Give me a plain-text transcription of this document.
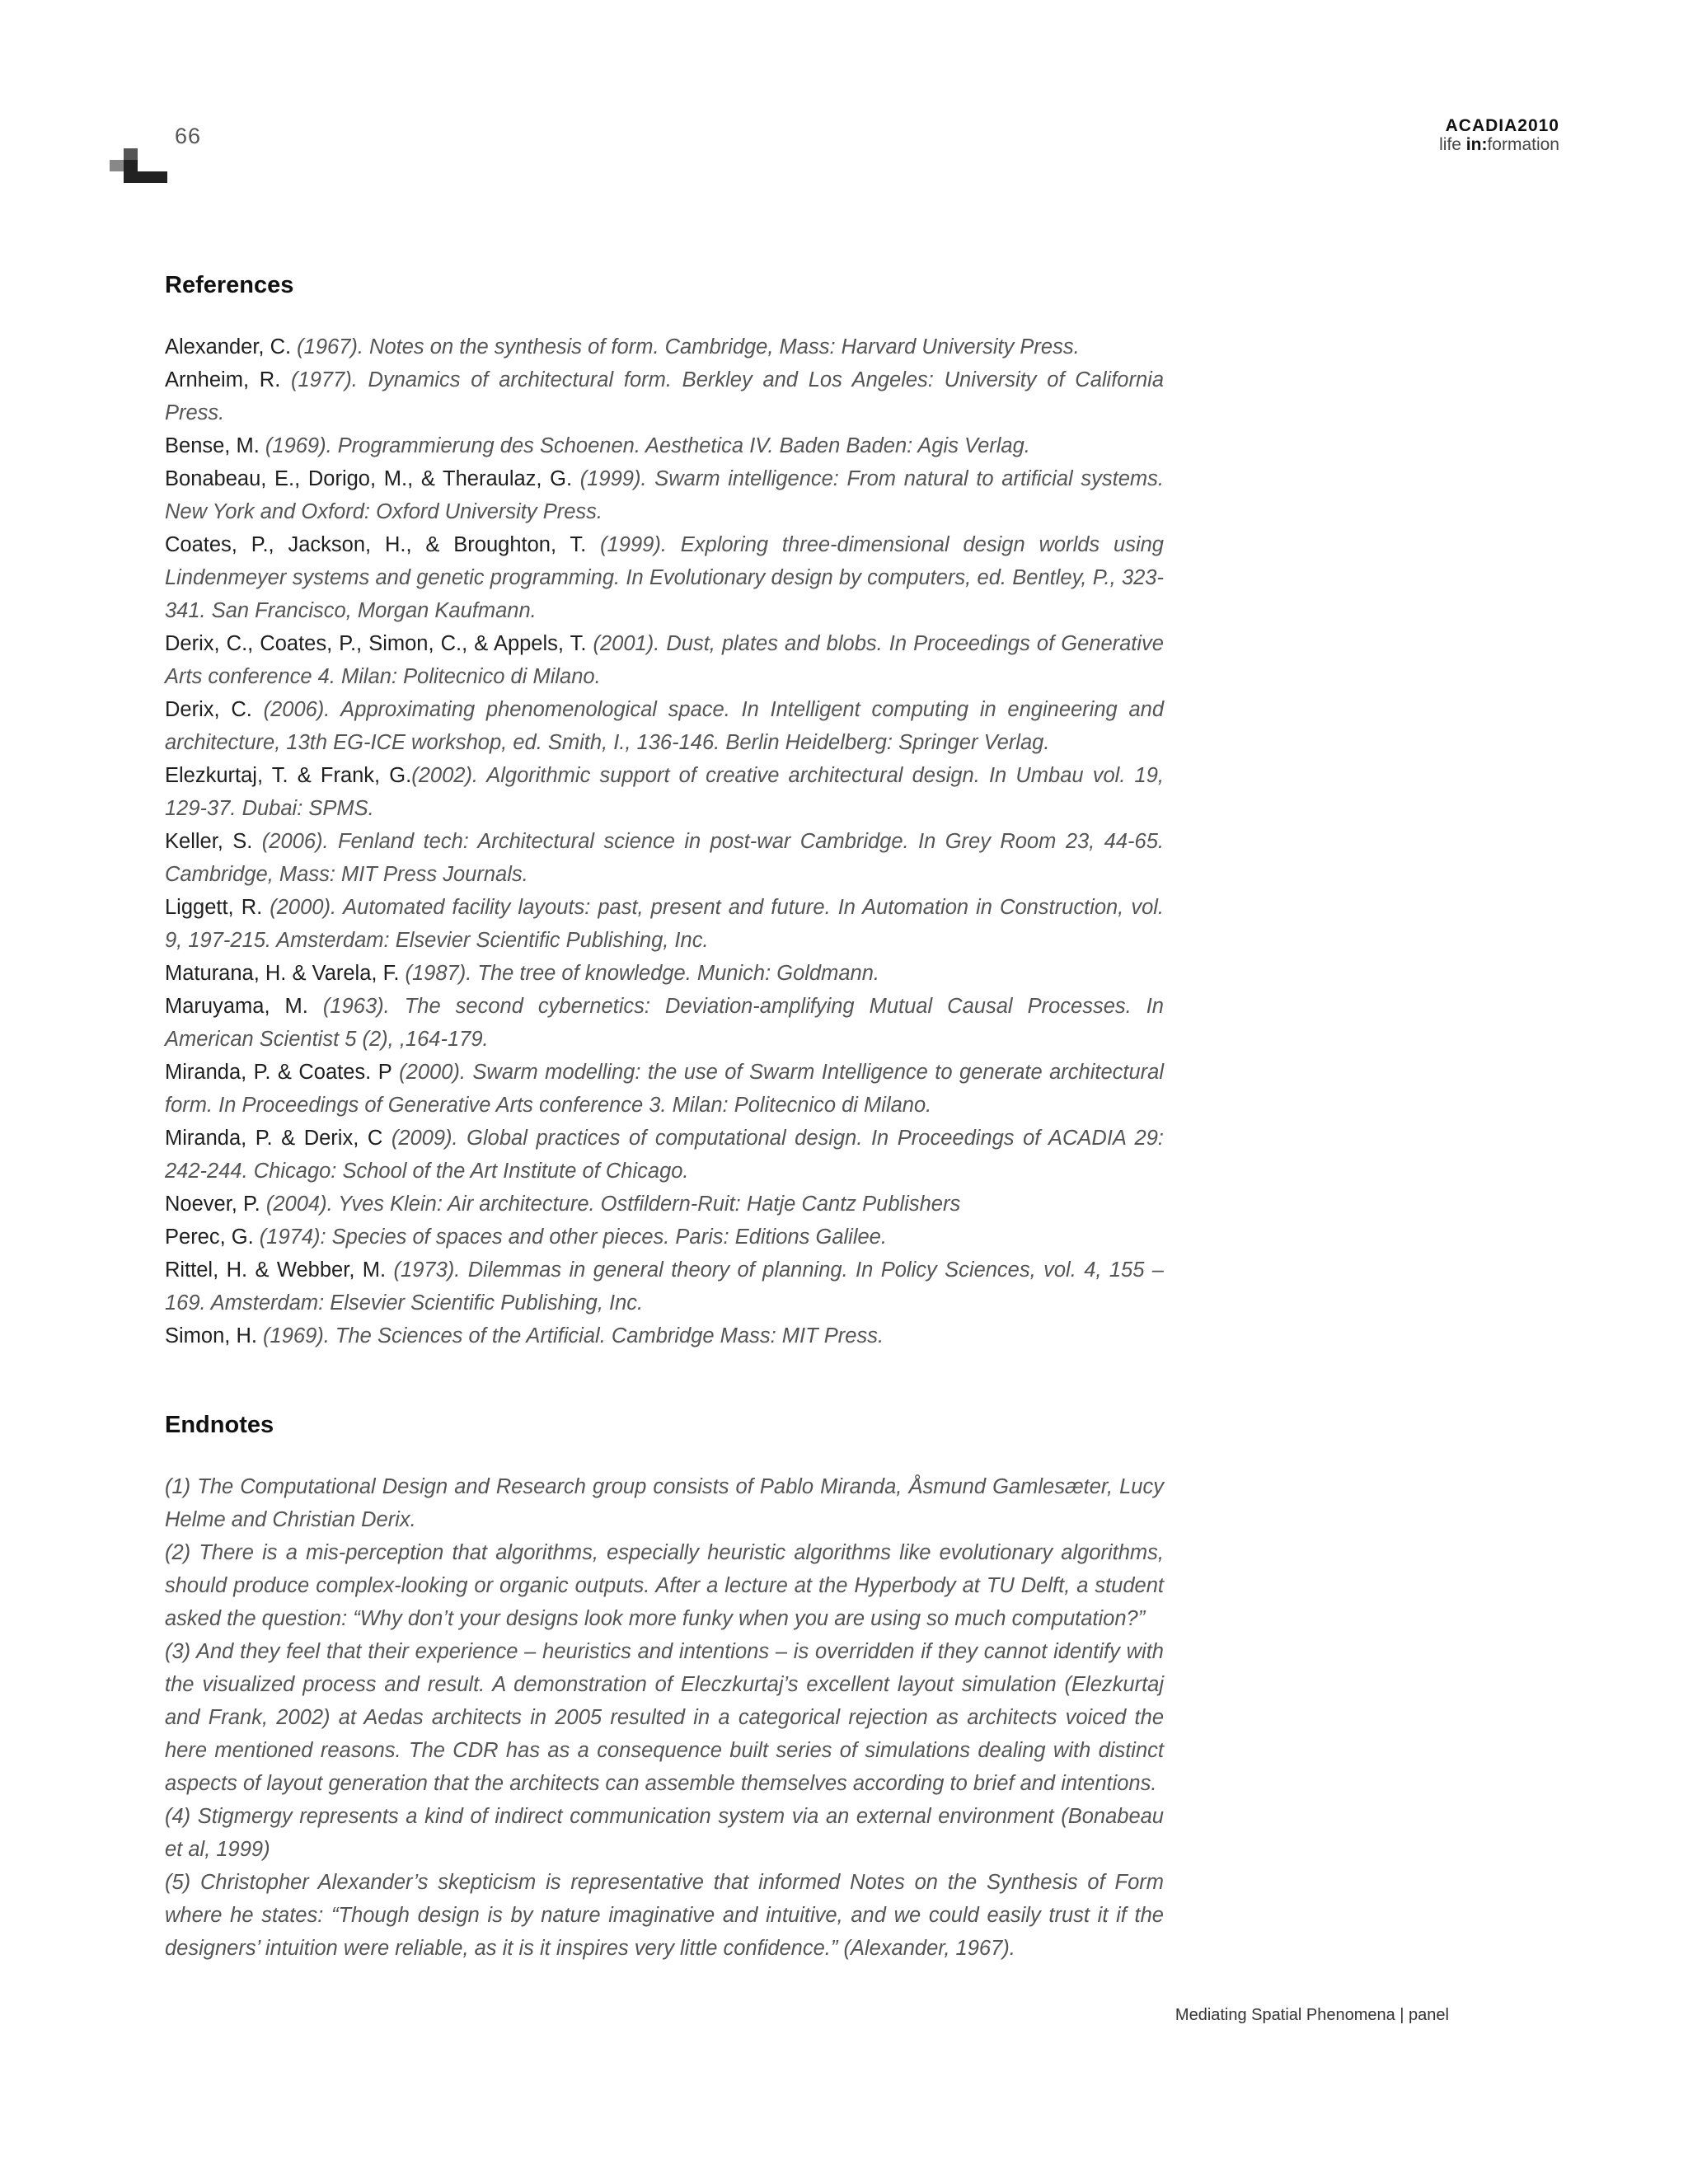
66	ACADIA2010
life in:formation
References
Alexander, C. (1967). Notes on the synthesis of form. Cambridge, Mass: Harvard University Press.
Arnheim, R. (1977). Dynamics of architectural form. Berkley and Los Angeles: University of California Press.
Bense, M. (1969). Programmierung des Schoenen. Aesthetica IV. Baden Baden: Agis Verlag.
Bonabeau, E., Dorigo, M., & Theraulaz, G. (1999). Swarm intelligence: From natural to artificial systems. New York and Oxford: Oxford University Press.
Coates, P., Jackson, H., & Broughton, T. (1999). Exploring three-dimensional design worlds using Lindenmeyer systems and genetic programming. In Evolutionary design by computers, ed. Bentley, P., 323-341. San Francisco, Morgan Kaufmann.
Derix, C., Coates, P., Simon, C., & Appels, T. (2001). Dust, plates and blobs. In Proceedings of Generative Arts conference 4. Milan: Politecnico di Milano.
Derix, C. (2006). Approximating phenomenological space. In Intelligent computing in engineering and architecture, 13th EG-ICE workshop, ed. Smith, I., 136-146. Berlin Heidelberg: Springer Verlag.
Elezkurtaj, T. & Frank, G.(2002). Algorithmic support of creative architectural design. In Umbau vol. 19, 129-37. Dubai: SPMS.
Keller, S. (2006). Fenland tech: Architectural science in post-war Cambridge. In Grey Room 23, 44-65. Cambridge, Mass: MIT Press Journals.
Liggett, R. (2000). Automated facility layouts: past, present and future. In Automation in Construction, vol. 9, 197-215. Amsterdam: Elsevier Scientific Publishing, Inc.
Maturana, H. & Varela, F. (1987). The tree of knowledge. Munich: Goldmann.
Maruyama, M. (1963). The second cybernetics: Deviation-amplifying Mutual Causal Processes. In American Scientist 5 (2), ,164-179.
Miranda, P. & Coates. P (2000). Swarm modelling: the use of Swarm Intelligence to generate architectural form. In Proceedings of Generative Arts conference 3. Milan: Politecnico di Milano.
Miranda, P. & Derix, C (2009). Global practices of computational design. In Proceedings of ACADIA 29: 242-244. Chicago: School of the Art Institute of Chicago.
Noever, P. (2004). Yves Klein: Air architecture. Ostfildern-Ruit: Hatje Cantz Publishers
Perec, G. (1974): Species of spaces and other pieces. Paris: Editions Galilee.
Rittel, H. & Webber, M. (1973). Dilemmas in general theory of planning. In Policy Sciences, vol. 4, 155 – 169. Amsterdam: Elsevier Scientific Publishing, Inc.
Simon, H. (1969). The Sciences of the Artificial. Cambridge Mass: MIT Press.
Endnotes
(1) The Computational Design and Research group consists of Pablo Miranda, Åsmund Gamlesæter, Lucy Helme and Christian Derix.
(2) There is a mis-perception that algorithms, especially heuristic algorithms like evolutionary algorithms, should produce complex-looking or organic outputs. After a lecture at the Hyperbody at TU Delft, a student asked the question: “Why don’t your designs look more funky when you are using so much computation?”
(3) And they feel that their experience – heuristics and intentions – is overridden if they cannot identify with the visualized process and result. A demonstration of Eleczkurtaj’s excellent layout simulation (Elezkurtaj and Frank, 2002) at Aedas architects in 2005 resulted in a categorical rejection as architects voiced the here mentioned reasons. The CDR has as a consequence built series of simulations dealing with distinct aspects of layout generation that the architects can assemble themselves according to brief and intentions.
(4) Stigmergy represents a kind of indirect communication system via an external environment (Bonabeau et al, 1999)
(5) Christopher Alexander’s skepticism is representative that informed Notes on the Synthesis of Form where he states: “Though design is by nature imaginative and intuitive, and we could easily trust it if the designers’ intuition were reliable, as it is it inspires very little confidence.” (Alexander, 1967).
Mediating Spatial Phenomena | panel
